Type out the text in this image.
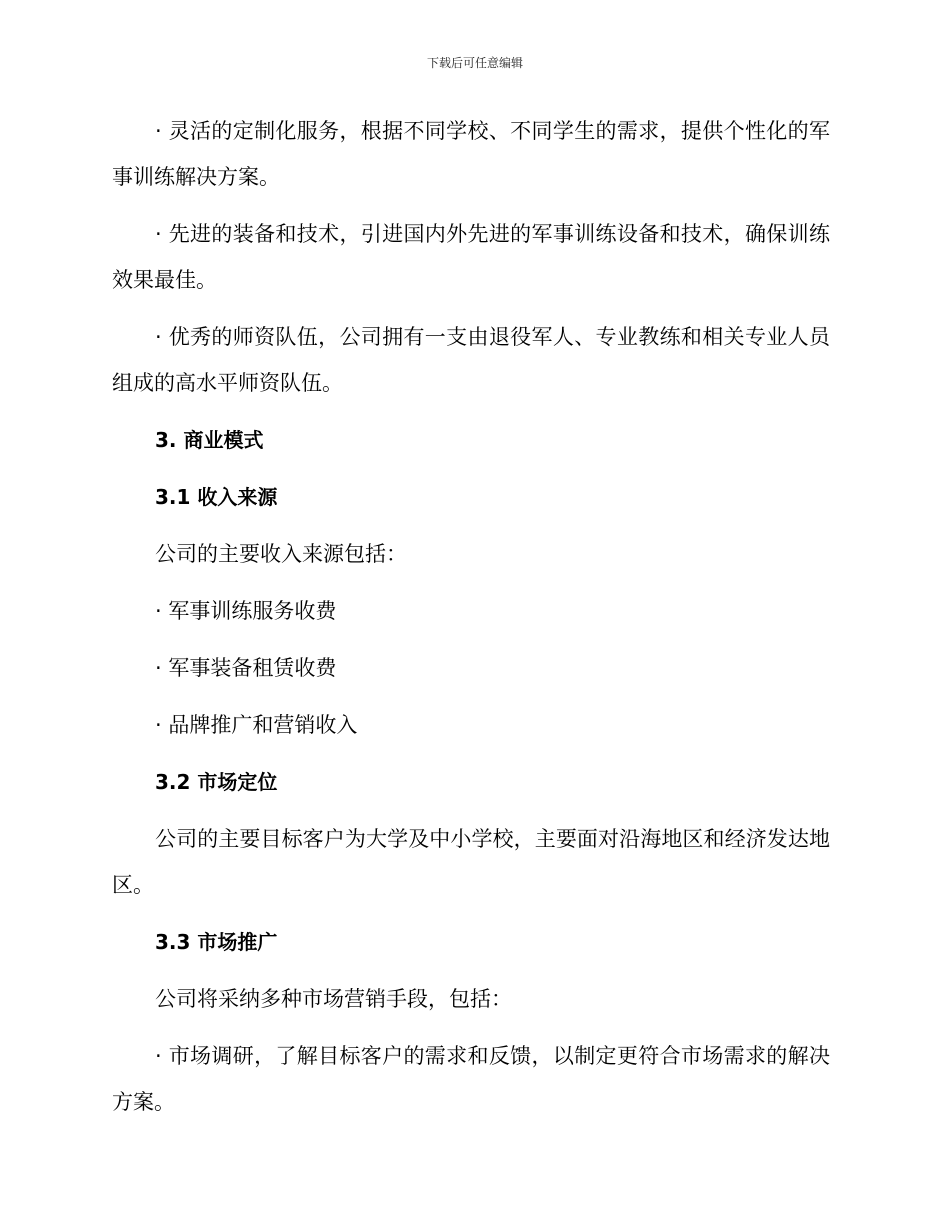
下载后可任意编辑

· 灵活的定制化服务，根据不同学校、不同学生的需求，提供个性化的军事训练解决方案。

· 先进的装备和技术，引进国内外先进的军事训练设备和技术，确保训练效果最佳。

· 优秀的师资队伍，公司拥有一支由退役军人、专业教练和相关专业人员组成的高水平师资队伍。

3. 商业模式
3.1 收入来源

公司的主要收入来源包括：

· 军事训练服务收费
· 军事装备租赁收费
· 品牌推广和营销收入
3.2 市场定位

公司的主要目标客户为大学及中小学校，主要面对沿海地区和经济发达地区。

3.3 市场推广

公司将采纳多种市场营销手段，包括：

· 市场调研，了解目标客户的需求和反馈，以制定更符合市场需求的解决方案。
